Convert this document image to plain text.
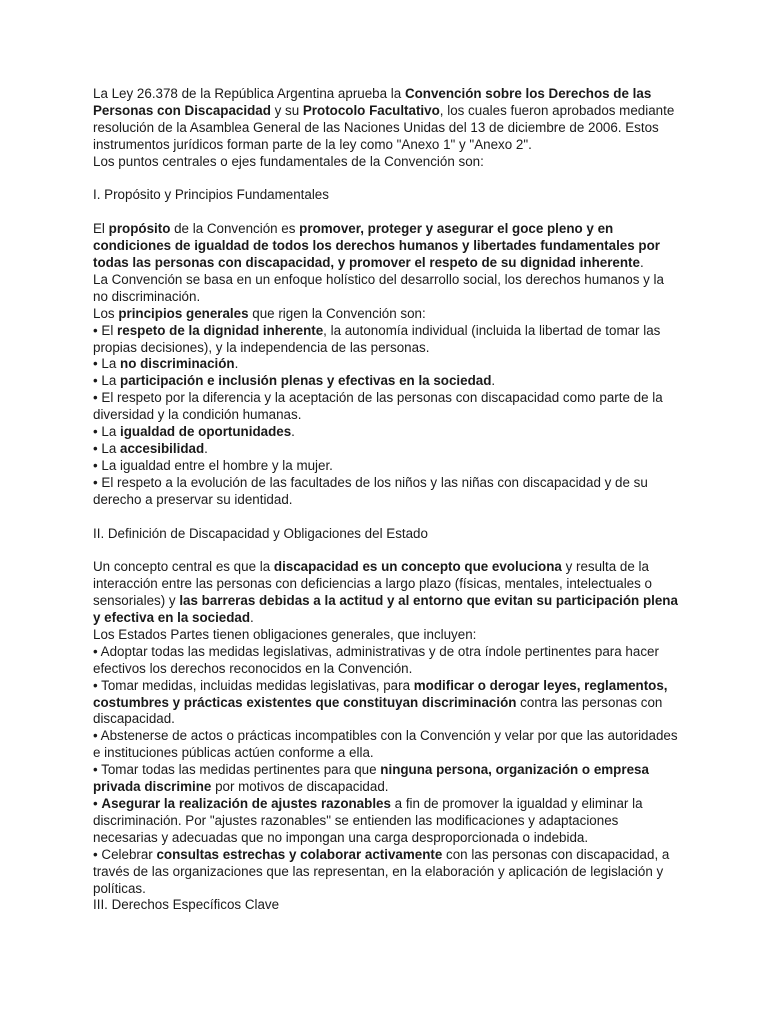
La Ley 26.378 de la República Argentina aprueba la Convención sobre los Derechos de las Personas con Discapacidad y su Protocolo Facultativo, los cuales fueron aprobados mediante resolución de la Asamblea General de las Naciones Unidas del 13 de diciembre de 2006. Estos instrumentos jurídicos forman parte de la ley como "Anexo 1" y "Anexo 2".

Los puntos centrales o ejes fundamentales de la Convención son:

I. Propósito y Principios Fundamentales

El propósito de la Convención es promover, proteger y asegurar el goce pleno y en condiciones de igualdad de todos los derechos humanos y libertades fundamentales por todas las personas con discapacidad, y promover el respeto de su dignidad inherente.

La Convención se basa en un enfoque holístico del desarrollo social, los derechos humanos y la no discriminación.

Los principios generales que rigen la Convención son:

• El respeto de la dignidad inherente, la autonomía individual (incluida la libertad de tomar las propias decisiones), y la independencia de las personas.

• La no discriminación.

• La participación e inclusión plenas y efectivas en la sociedad.

• El respeto por la diferencia y la aceptación de las personas con discapacidad como parte de la diversidad y la condición humanas.

• La igualdad de oportunidades.

• La accesibilidad.

• La igualdad entre el hombre y la mujer.

• El respeto a la evolución de las facultades de los niños y las niñas con discapacidad y de su derecho a preservar su identidad.

II. Definición de Discapacidad y Obligaciones del Estado

Un concepto central es que la discapacidad es un concepto que evoluciona y resulta de la interacción entre las personas con deficiencias a largo plazo (físicas, mentales, intelectuales o sensoriales) y las barreras debidas a la actitud y al entorno que evitan su participación plena y efectiva en la sociedad.

Los Estados Partes tienen obligaciones generales, que incluyen:

• Adoptar todas las medidas legislativas, administrativas y de otra índole pertinentes para hacer efectivos los derechos reconocidos en la Convención.

• Tomar medidas, incluidas medidas legislativas, para modificar o derogar leyes, reglamentos, costumbres y prácticas existentes que constituyan discriminación contra las personas con discapacidad.

• Abstenerse de actos o prácticas incompatibles con la Convención y velar por que las autoridades e instituciones públicas actúen conforme a ella.

• Tomar todas las medidas pertinentes para que ninguna persona, organización o empresa privada discrimine por motivos de discapacidad.

• Asegurar la realización de ajustes razonables a fin de promover la igualdad y eliminar la discriminación. Por "ajustes razonables" se entienden las modificaciones y adaptaciones necesarias y adecuadas que no impongan una carga desproporcionada o indebida.

• Celebrar consultas estrechas y colaborar activamente con las personas con discapacidad, a través de las organizaciones que las representan, en la elaboración y aplicación de legislación y políticas.

III. Derechos Específicos Clave
